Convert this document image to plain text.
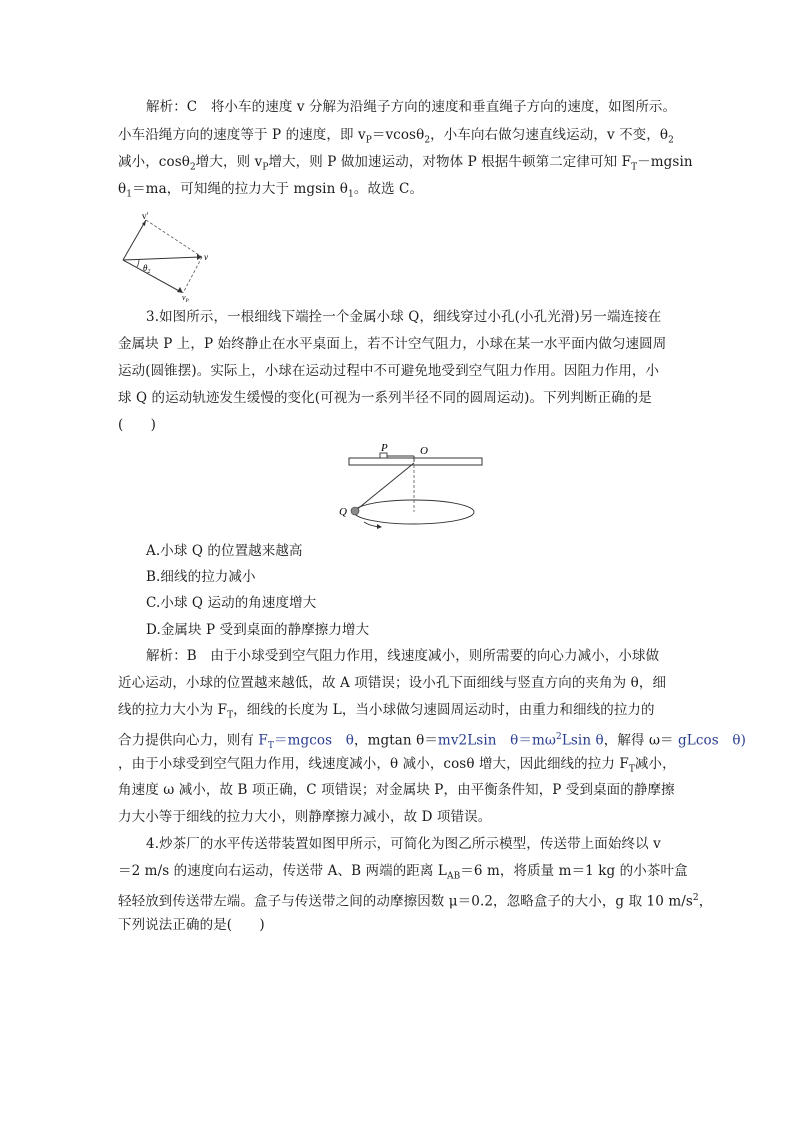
解析：C　将小车的速度 v 分解为沿绳子方向的速度和垂直绳子方向的速度，如图所示。
小车沿绳方向的速度等于 P 的速度，即 $v_P=vcos\theta_2$，小车向右做匀速直线运动，v 不变，$\theta_2$
减小，cosθ$_2$增大，则 $v_P$增大，则 P 做加速运动，对物体 P 根据牛顿第二定律可知 $F_T-mgsin$
$\theta_1=ma$，可知绳的拉力大于 mgsin $\theta_1$。故选 C。
v′
v
$\theta_2$
$v_P$
3.如图所示，一根细线下端拴一个金属小球 Q，细线穿过小孔(小孔光滑)另一端连接在
金属块 P 上，P 始终静止在水平桌面上，若不计空气阻力，小球在某一水平面内做匀速圆周
运动(圆锥摆)。实际上，小球在运动过程中不可避免地受到空气阻力作用。因阻力作用，小
球 Q 的运动轨迹发生缓慢的变化(可视为一系列半径不同的圆周运动)。下列判断正确的是
(　　)
P	O
Q
A.小球 Q 的位置越来越高
B.细线的拉力减小
C.小球 Q 运动的角速度增大
D.金属块 P 受到桌面的静摩擦力增大
解析：B　由于小球受到空气阻力作用，线速度减小，则所需要的向心力减小，小球做
近心运动，小球的位置越来越低，故 A 项错误；设小孔下面细线与竖直方向的夹角为 θ，细
线的拉力大小为 $F_T$，细线的长度为 L，当小球做匀速圆周运动时，由重力和细线的拉力的
合力提供向心力，则有 $F_T=mgcos$　θ，mgtan θ＝mv2Lsin　$\theta=m\omega^2Lsin$ θ，解得 ω＝ gLcos　θ)
，由于小球受到空气阻力作用，线速度减小，θ 减小，cosθ 增大，因此细线的拉力 $F_T$减小，
角速度 ω 减小，故 B 项正确，C 项错误；对金属块 P，由平衡条件知，P 受到桌面的静摩擦
力大小等于细线的拉力大小，则静摩擦力减小，故 D 项错误。
4.炒茶厂的水平传送带装置如图甲所示，可简化为图乙所示模型，传送带上面始终以 v
＝2 m/s 的速度向右运动，传送带 A、B 两端的距离 $L_{AB}=6$ m，将质量 m＝1 kg 的小茶叶盒
轻轻放到传送带左端。盒子与传送带之间的动摩擦因数 μ＝0.2，忽略盒子的大小，g 取 10 $m/s^2$，
下列说法正确的是(　　)
